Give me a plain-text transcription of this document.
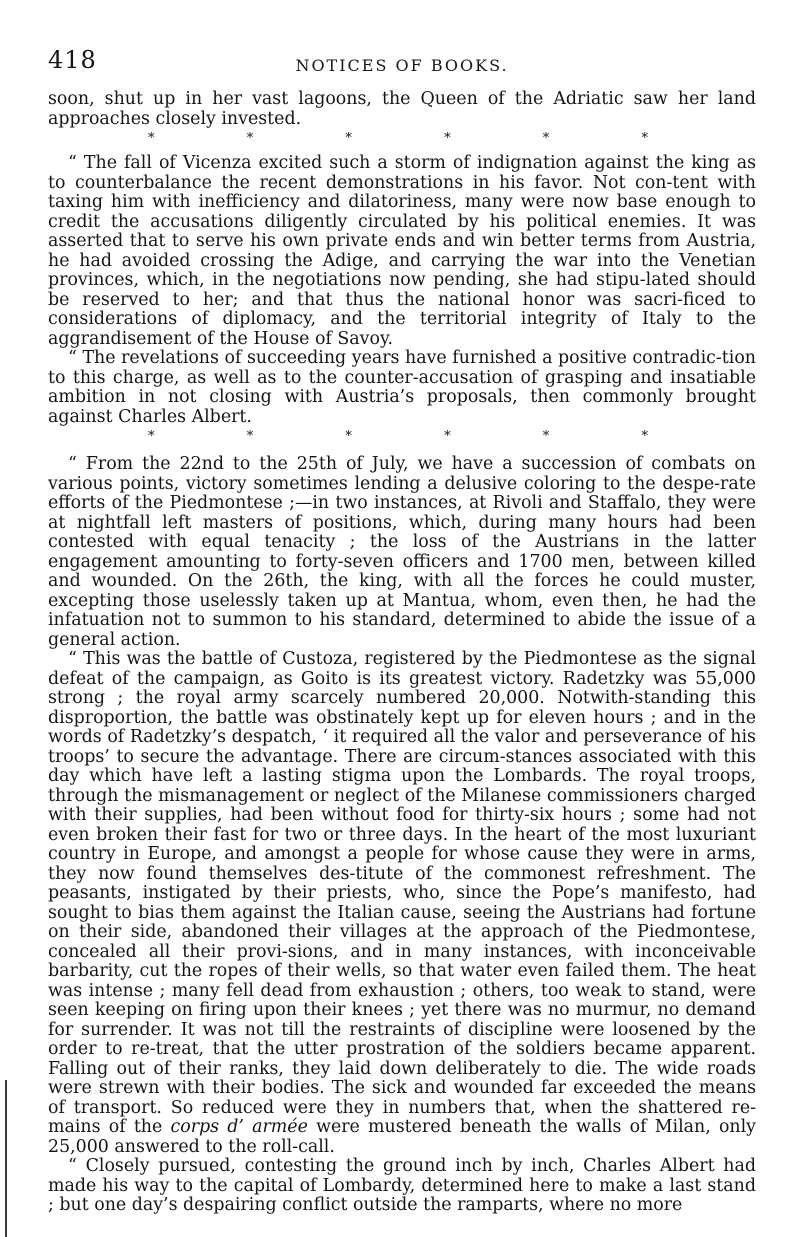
418	NOTICES OF BOOKS.

soon, shut up in her vast lagoons, the Queen of the Adriatic saw her land approaches closely invested.

*	*	*	*	*	*

“ The fall of Vicenza excited such a storm of indignation against the king as to counterbalance the recent demonstrations in his favor. Not con-tent with taxing him with inefficiency and dilatoriness, many were now base enough to credit the accusations diligently circulated by his political enemies. It was asserted that to serve his own private ends and win better terms from Austria, he had avoided crossing the Adige, and carrying the war into the Venetian provinces, which, in the negotiations now pending, she had stipu-lated should be reserved to her; and that thus the national honor was sacri-ficed to considerations of diplomacy, and the territorial integrity of Italy to the aggrandisement of the House of Savoy.

“ The revelations of succeeding years have furnished a positive contradic-tion to this charge, as well as to the counter-accusation of grasping and insatiable ambition in not closing with Austria’s proposals, then commonly brought against Charles Albert.

*	*	*	*	*	*

“ From the 22nd to the 25th of July, we have a succession of combats on various points, victory sometimes lending a delusive coloring to the despe-rate efforts of the Piedmontese ;—in two instances, at Rivoli and Staffalo, they were at nightfall left masters of positions, which, during many hours had been contested with equal tenacity ; the loss of the Austrians in the latter engagement amounting to forty-seven officers and 1700 men, between killed and wounded. On the 26th, the king, with all the forces he could muster, excepting those uselessly taken up at Mantua, whom, even then, he had the infatuation not to summon to his standard, determined to abide the issue of a general action.

“ This was the battle of Custoza, registered by the Piedmontese as the signal defeat of the campaign, as Goito is its greatest victory. Radetzky was 55,000 strong ; the royal army scarcely numbered 20,000. Notwith-standing this disproportion, the battle was obstinately kept up for eleven hours ; and in the words of Radetzky’s despatch, ‘ it required all the valor and perseverance of his troops’ to secure the advantage. There are circum-stances associated with this day which have left a lasting stigma upon the Lombards. The royal troops, through the mismanagement or neglect of the Milanese commissioners charged with their supplies, had been without food for thirty-six hours ; some had not even broken their fast for two or three days. In the heart of the most luxuriant country in Europe, and amongst a people for whose cause they were in arms, they now found themselves des-titute of the commonest refreshment. The peasants, instigated by their priests, who, since the Pope’s manifesto, had sought to bias them against the Italian cause, seeing the Austrians had fortune on their side, abandoned their villages at the approach of the Piedmontese, concealed all their provi-sions, and in many instances, with inconceivable barbarity, cut the ropes of their wells, so that water even failed them. The heat was intense ; many fell dead from exhaustion ; others, too weak to stand, were seen keeping on firing upon their knees ; yet there was no murmur, no demand for surrender. It was not till the restraints of discipline were loosened by the order to re-treat, that the utter prostration of the soldiers became apparent. Falling out of their ranks, they laid down deliberately to die. The wide roads were strewn with their bodies. The sick and wounded far exceeded the means of transport. So reduced were they in numbers that, when the shattered re-mains of the corps d’ armée were mustered beneath the walls of Milan, only 25,000 answered to the roll-call.

“ Closely pursued, contesting the ground inch by inch, Charles Albert had made his way to the capital of Lombardy, determined here to make a last stand ; but one day’s despairing conflict outside the ramparts, where no more
